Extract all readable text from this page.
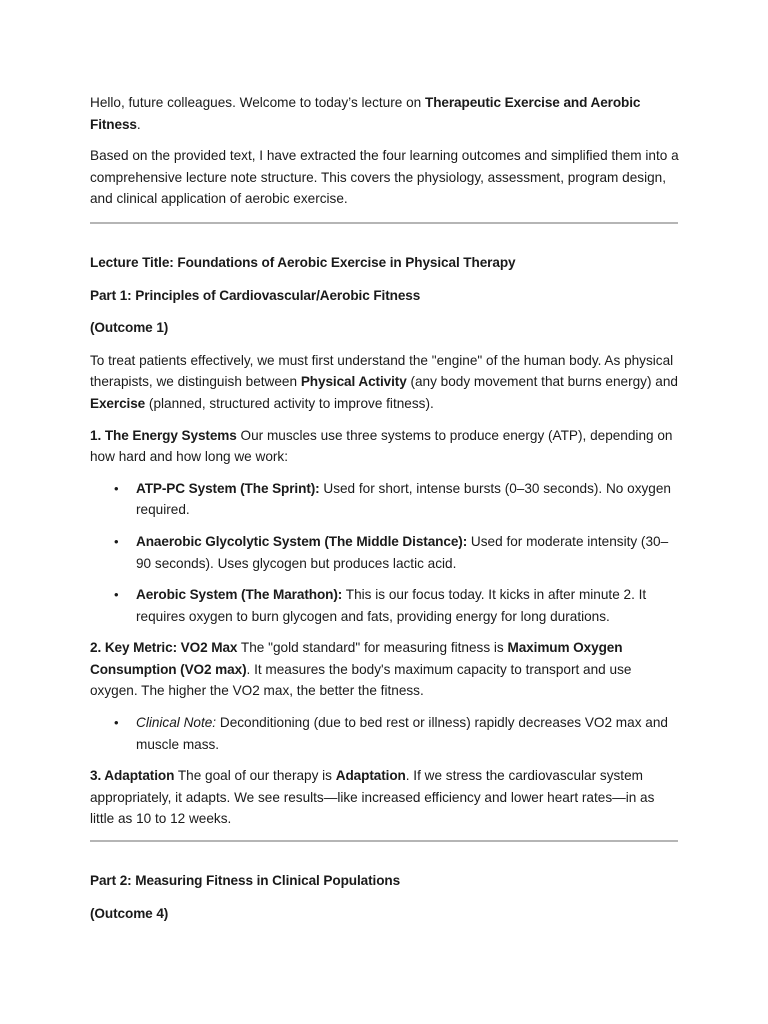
Hello, future colleagues. Welcome to today’s lecture on Therapeutic Exercise and Aerobic Fitness.

Based on the provided text, I have extracted the four learning outcomes and simplified them into a comprehensive lecture note structure. This covers the physiology, assessment, program design, and clinical application of aerobic exercise.

Lecture Title: Foundations of Aerobic Exercise in Physical Therapy

Part 1: Principles of Cardiovascular/Aerobic Fitness

(Outcome 1)

To treat patients effectively, we must first understand the "engine" of the human body. As physical therapists, we distinguish between Physical Activity (any body movement that burns energy) and Exercise (planned, structured activity to improve fitness).

1. The Energy Systems Our muscles use three systems to produce energy (ATP), depending on how hard and how long we work:

• ATP-PC System (The Sprint): Used for short, intense bursts (0–30 seconds). No oxygen required.
• Anaerobic Glycolytic System (The Middle Distance): Used for moderate intensity (30–90 seconds). Uses glycogen but produces lactic acid.
• Aerobic System (The Marathon): This is our focus today. It kicks in after minute 2. It requires oxygen to burn glycogen and fats, providing energy for long durations.

2. Key Metric: VO2 Max The "gold standard" for measuring fitness is Maximum Oxygen Consumption (VO2 max). It measures the body's maximum capacity to transport and use oxygen. The higher the VO2 max, the better the fitness.

• Clinical Note: Deconditioning (due to bed rest or illness) rapidly decreases VO2 max and muscle mass.

3. Adaptation The goal of our therapy is Adaptation. If we stress the cardiovascular system appropriately, it adapts. We see results—like increased efficiency and lower heart rates—in as little as 10 to 12 weeks.

Part 2: Measuring Fitness in Clinical Populations

(Outcome 4)
